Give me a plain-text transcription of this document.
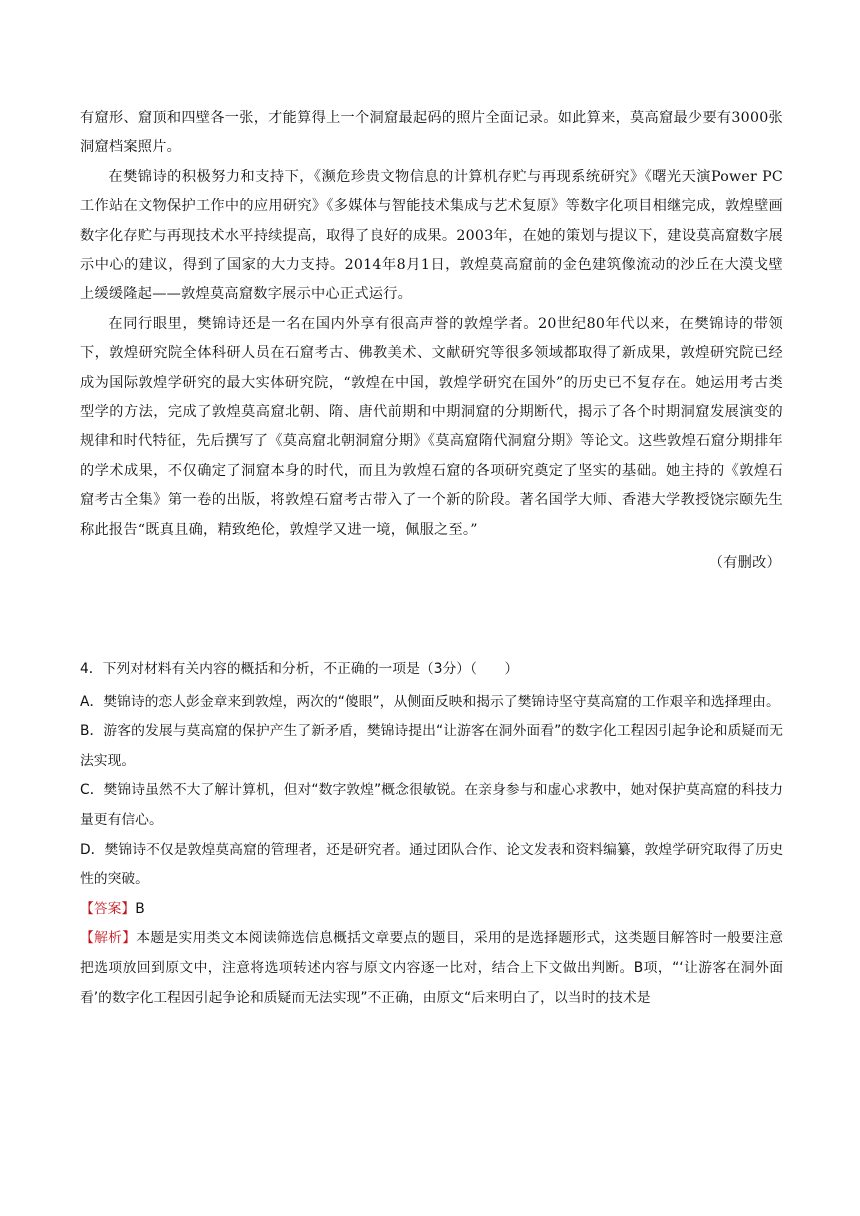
有窟形、窟顶和四壁各一张，才能算得上一个洞窟最起码的照片全面记录。如此算来，莫高窟最少要有3000张洞窟档案照片。

在樊锦诗的积极努力和支持下，《濒危珍贵文物信息的计算机存贮与再现系统研究》《曙光天演Power PC工作站在文物保护工作中的应用研究》《多媒体与智能技术集成与艺术复原》等数字化项目相继完成，敦煌壁画数字化存贮与再现技术水平持续提高，取得了良好的成果。2003年，在她的策划与提议下，建设莫高窟数字展示中心的建议，得到了国家的大力支持。2014年8月1日，敦煌莫高窟前的金色建筑像流动的沙丘在大漠戈壁上缓缓隆起——敦煌莫高窟数字展示中心正式运行。

在同行眼里，樊锦诗还是一名在国内外享有很高声誉的敦煌学者。20世纪80年代以来，在樊锦诗的带领下，敦煌研究院全体科研人员在石窟考古、佛教美术、文献研究等很多领域都取得了新成果，敦煌研究院已经成为国际敦煌学研究的最大实体研究院，“敦煌在中国，敦煌学研究在国外”的历史已不复存在。她运用考古类型学的方法，完成了敦煌莫高窟北朝、隋、唐代前期和中期洞窟的分期断代，揭示了各个时期洞窟发展演变的规律和时代特征，先后撰写了《莫高窟北朝洞窟分期》《莫高窟隋代洞窟分期》等论文。这些敦煌石窟分期排年的学术成果，不仅确定了洞窟本身的时代，而且为敦煌石窟的各项研究奠定了坚实的基础。她主持的《敦煌石窟考古全集》第一卷的出版，将敦煌石窟考古带入了一个新的阶段。著名国学大师、香港大学教授饶宗颐先生称此报告“既真且确，精致绝伦，敦煌学又进一境，佩服之至。”

（有删改）

4．下列对材料有关内容的概括和分析，不正确的一项是（3分）（　　）

A．樊锦诗的恋人彭金章来到敦煌，两次的“傻眼”，从侧面反映和揭示了樊锦诗坚守莫高窟的工作艰辛和选择理由。

B．游客的发展与莫高窟的保护产生了新矛盾，樊锦诗提出“让游客在洞外面看”的数字化工程因引起争论和质疑而无法实现。

C．樊锦诗虽然不大了解计算机，但对“数字敦煌”概念很敏锐。在亲身参与和虚心求教中，她对保护莫高窟的科技力量更有信心。

D．樊锦诗不仅是敦煌莫高窟的管理者，还是研究者。通过团队合作、论文发表和资料编纂，敦煌学研究取得了历史性的突破。

【答案】B

【解析】本题是实用类文本阅读筛选信息概括文章要点的题目，采用的是选择题形式，这类题目解答时一般要注意把选项放回到原文中，注意将选项转述内容与原文内容逐一比对，结合上下文做出判断。B项，“‘让游客在洞外面看’的数字化工程因引起争论和质疑而无法实现”不正确，由原文“后来明白了，以当时的技术是
